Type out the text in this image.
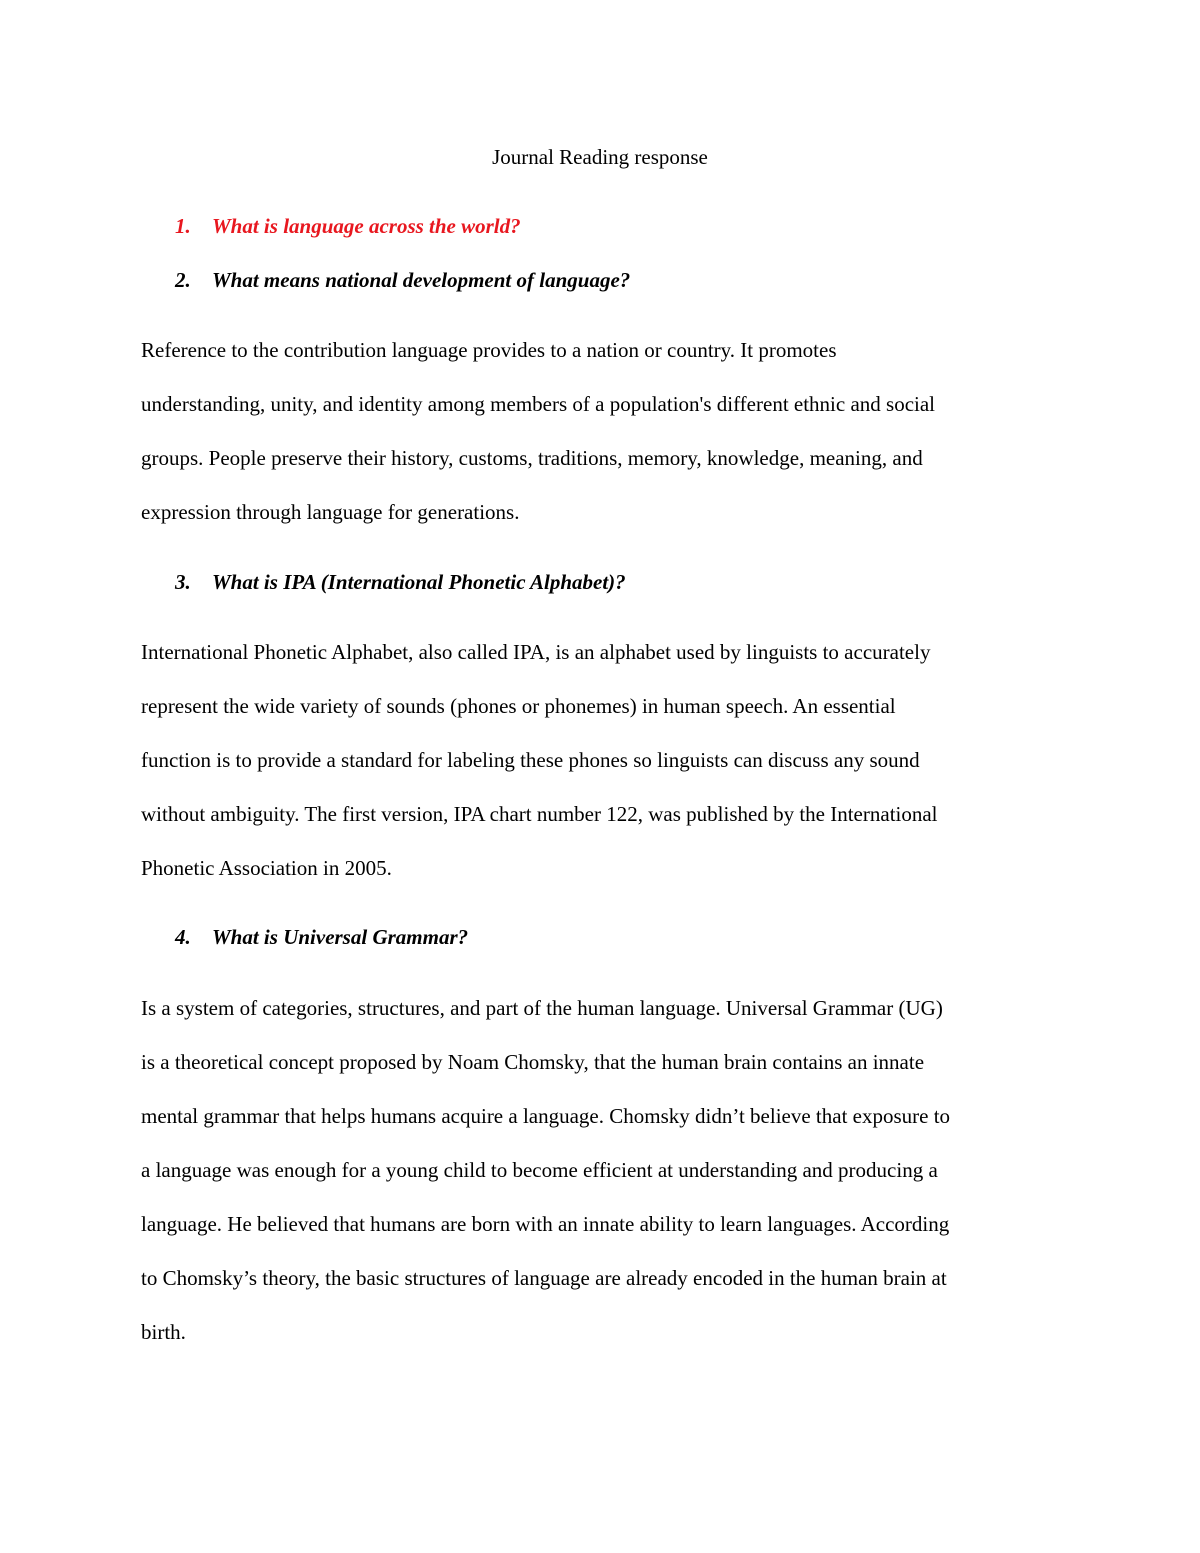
Journal Reading response
1. What is language across the world?
2. What means national development of language?
Reference to the contribution language provides to a nation or country. It promotes
understanding, unity, and identity among members of a population's different ethnic and social
groups. People preserve their history, customs, traditions, memory, knowledge, meaning, and
expression through language for generations.
3. What is IPA (International Phonetic Alphabet)?
International Phonetic Alphabet, also called IPA, is an alphabet used by linguists to accurately
represent the wide variety of sounds (phones or phonemes) in human speech. An essential
function is to provide a standard for labeling these phones so linguists can discuss any sound
without ambiguity. The first version, IPA chart number 122, was published by the International
Phonetic Association in 2005.
4. What is Universal Grammar?
Is a system of categories, structures, and part of the human language. Universal Grammar (UG)
is a theoretical concept proposed by Noam Chomsky, that the human brain contains an innate
mental grammar that helps humans acquire a language. Chomsky didn’t believe that exposure to
a language was enough for a young child to become efficient at understanding and producing a
language. He believed that humans are born with an innate ability to learn languages. According
to Chomsky’s theory, the basic structures of language are already encoded in the human brain at
birth.
